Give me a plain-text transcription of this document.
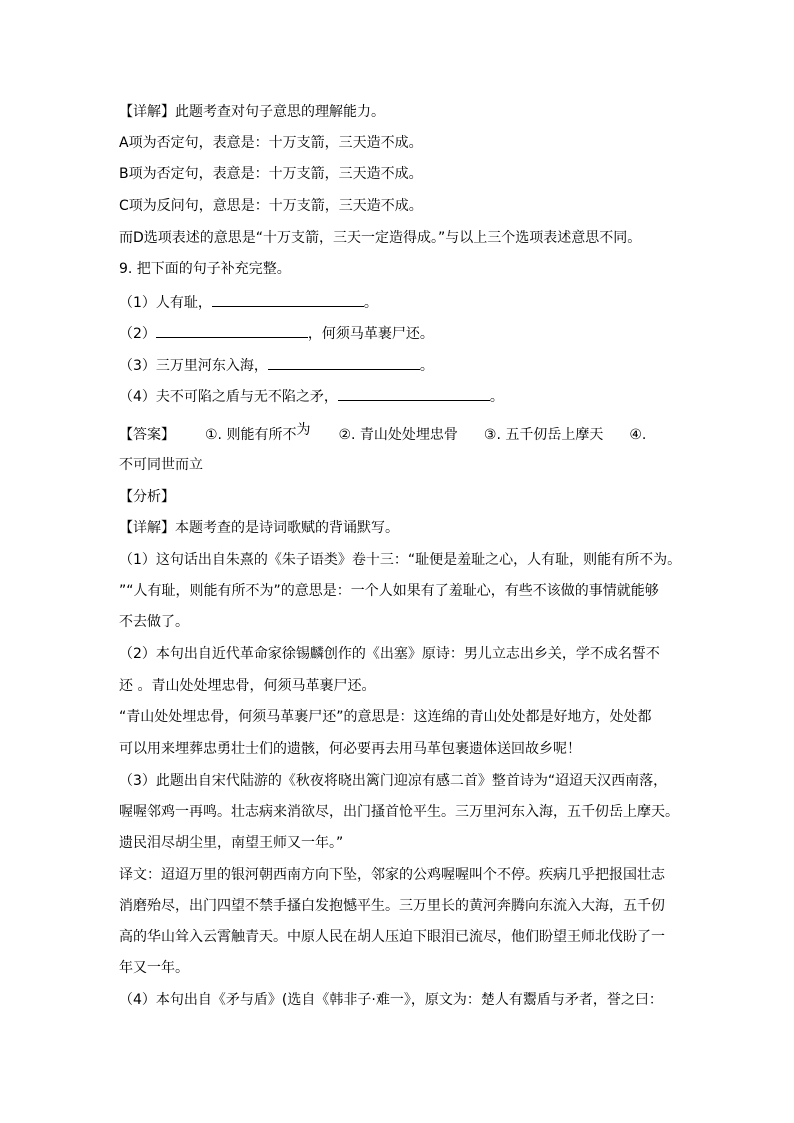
【详解】此题考查对句子意思的理解能力。
A项为否定句，表意是：十万支箭，三天造不成。
B项为否定句，表意是：十万支箭，三天造不成。
C项为反问句，意思是：十万支箭，三天造不成。
而D选项表述的意思是“十万支箭，三天一定造得成。”与以上三个选项表述意思不同。
9. 把下面的句子补充完整。
（1）人有耻，	。
（2）	，何须马革裹尸还。
（3）三万里河东入海，	。
（4）夫不可陷之盾与无不陷之矛，	。
【答案】 ①. 则能有所不为 ②. 青山处处埋忠骨 ③. 五千仞岳上摩天 ④.
不可同世而立
【分析】
【详解】本题考查的是诗词歌赋的背诵默写。
（1）这句话出自朱熹的《朱子语类》卷十三：“耻便是羞耻之心，人有耻，则能有所不为。
”“人有耻，则能有所不为”的意思是：一个人如果有了羞耻心，有些不该做的事情就能够
不去做了。
（2）本句出自近代革命家徐锡麟创作的《出塞》原诗：男儿立志出乡关，学不成名誓不
还 。青山处处埋忠骨，何须马革裹尸还。
“青山处处埋忠骨，何须马革裹尸还”的意思是：这连绵的青山处处都是好地方，处处都
可以用来埋葬忠勇壮士们的遗骸，何必要再去用马革包裹遗体送回故乡呢！
（3）此题出自宋代陆游的《秋夜将晓出篱门迎凉有感二首》整首诗为“迢迢天汉西南落，
喔喔邻鸡一再鸣。壮志病来消欲尽，出门搔首怆平生。三万里河东入海，五千仞岳上摩天。
遗民泪尽胡尘里，南望王师又一年。”
译文：迢迢万里的银河朝西南方向下坠，邻家的公鸡喔喔叫个不停。疾病几乎把报国壮志
消磨殆尽，出门四望不禁手搔白发抱憾平生。三万里长的黄河奔腾向东流入大海，五千仞
高的华山耸入云霄触青天。中原人民在胡人压迫下眼泪已流尽，他们盼望王师北伐盼了一
年又一年。
（4）本句出自《矛与盾》(选自《韩非子·难一》，原文为：楚人有鬻盾与矛者，誉之曰：
